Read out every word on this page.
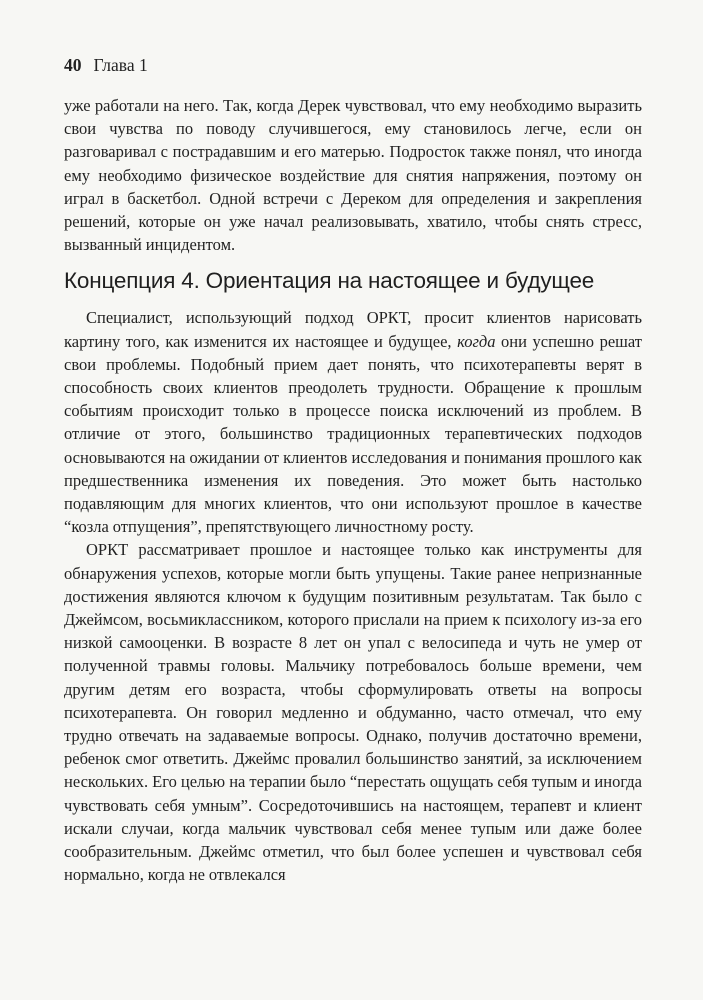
40 Глава 1

уже работали на него. Так, когда Дерек чувствовал, что ему необходимо выразить свои чувства по поводу случившегося, ему становилось легче, если он разговаривал с пострадавшим и его матерью. Подросток также понял, что иногда ему необходимо физическое воздействие для снятия напряжения, поэтому он играл в баскетбол. Одной встречи с Дереком для определения и закрепления решений, которые он уже начал реализовывать, хватило, чтобы снять стресс, вызванный инцидентом.

Концепция 4. Ориентация на настоящее и будущее

Специалист, использующий подход ОРКТ, просит клиентов нарисовать картину того, как изменится их настоящее и будущее, когда они успешно решат свои проблемы. Подобный прием дает понять, что психотерапевты верят в способность своих клиентов преодолеть трудности. Обращение к прошлым событиям происходит только в процессе поиска исключений из проблем. В отличие от этого, большинство традиционных терапевтических подходов основываются на ожидании от клиентов исследования и понимания прошлого как предшественника изменения их поведения. Это может быть настолько подавляющим для многих клиентов, что они используют прошлое в качестве “козла отпущения”, препятствующего личностному росту.

ОРКТ рассматривает прошлое и настоящее только как инструменты для обнаружения успехов, которые могли быть упущены. Такие ранее непризнанные достижения являются ключом к будущим позитивным результатам. Так было с Джеймсом, восьмиклассником, которого прислали на прием к психологу из-за его низкой самооценки. В возрасте 8 лет он упал с велосипеда и чуть не умер от полученной травмы головы. Мальчику потребовалось больше времени, чем другим детям его возраста, чтобы сформулировать ответы на вопросы психотерапевта. Он говорил медленно и обдуманно, часто отмечал, что ему трудно отвечать на задаваемые вопросы. Однако, получив достаточно времени, ребенок смог ответить. Джеймс провалил большинство занятий, за исключением нескольких. Его целью на терапии было “перестать ощущать себя тупым и иногда чувствовать себя умным”. Сосредоточившись на настоящем, терапевт и клиент искали случаи, когда мальчик чувствовал себя менее тупым или даже более сообразительным. Джеймс отметил, что был более успешен и чувствовал себя нормально, когда не отвлекался
